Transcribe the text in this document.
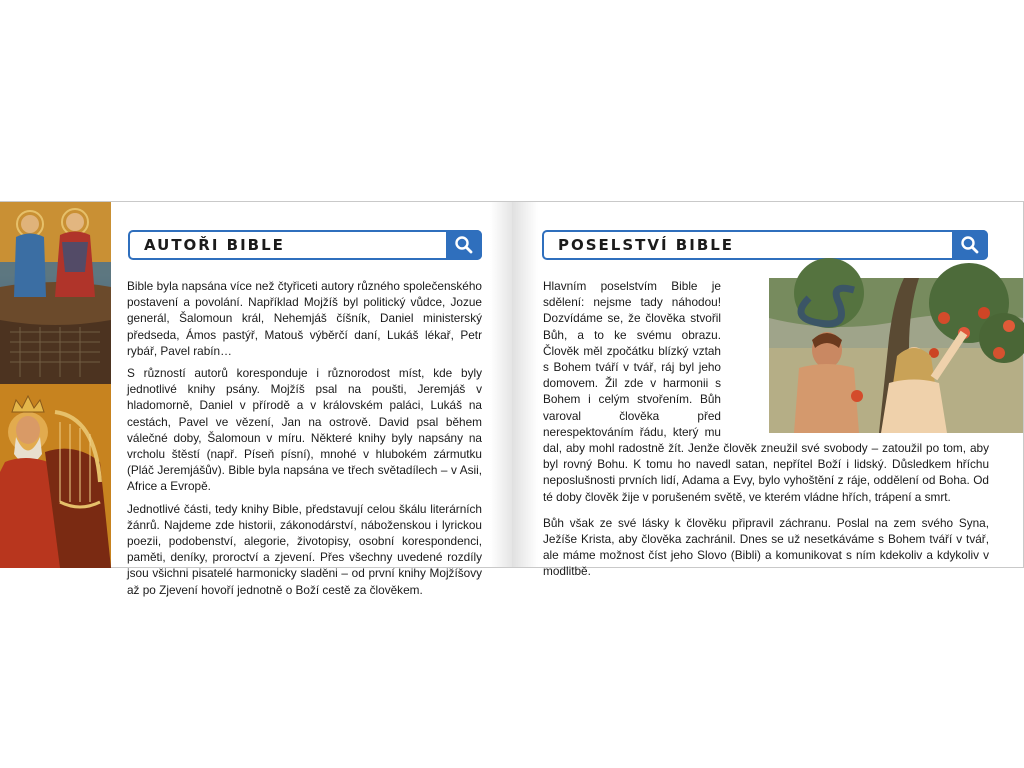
AUTOŘI BIBLE

Bible byla napsána více než čtyřiceti autory různého společenského postavení a povolání. Například Mojžíš byl politický vůdce, Jozue generál, Šalomoun král, Nehemjáš číšník, Daniel ministerský předseda, Ámos pastýř, Matouš výběrčí daní, Lukáš lékař, Petr rybář, Pavel rabín…

S růzností autorů koresponduje i různorodost míst, kde byly jednotlivé knihy psány. Mojžíš psal na poušti, Jeremjáš v hladomorně, Daniel v přírodě a v královském paláci, Lukáš na cestách, Pavel ve vězení, Jan na ostrově. David psal během válečné doby, Šalomoun v míru. Některé knihy byly napsány na vrcholu štěstí (např. Píseň písní), mnohé v hlubokém zármutku (Pláč Jeremjášův). Bible byla napsána ve třech světadílech – v Asii, Africe a Evropě.

Jednotlivé části, tedy knihy Bible, představují celou škálu literárních žánrů. Najdeme zde historii, zákonodárství, náboženskou i lyrickou poezii, podobenství, alegorie, životopisy, osobní korespondenci, paměti, deníky, proroctví a zjevení. Přes všechny uvedené rozdíly jsou všichni pisatelé harmonicky sladěni – od první knihy Mojžíšovy až po Zjevení hovoří jednotně o Boží cestě za člověkem.

POSELSTVÍ BIBLE

Hlavním poselstvím Bible je sdělení: nejsme tady náhodou! Dozvídáme se, že člověka stvořil Bůh, a to ke svému obrazu. Člověk měl zpočátku blízký vztah s Bohem tváří v tvář, ráj byl jeho domovem. Žil zde v harmonii s Bohem i celým stvořením. Bůh varoval člověka před nerespektováním řádu, který mu dal, aby mohl radostně žít. Jenže člověk zneužil své svobody – zatoužil po tom, aby byl rovný Bohu. K tomu ho navedl satan, nepřítel Boží i lidský. Důsledkem hříchu neposlušnosti prvních lidí, Adama a Evy, bylo vyhoštění z ráje, oddělení od Boha. Od té doby člověk žije v porušeném světě, ve kterém vládne hřích, trápení a smrt.

Bůh však ze své lásky k člověku připravil záchranu. Poslal na zem svého Syna, Ježíše Krista, aby člověka zachránil. Dnes se už nesetkáváme s Bohem tváří v tvář, ale máme možnost číst jeho Slovo (Bibli) a komunikovat s ním kdekoliv a kdykoliv v modlitbě.
